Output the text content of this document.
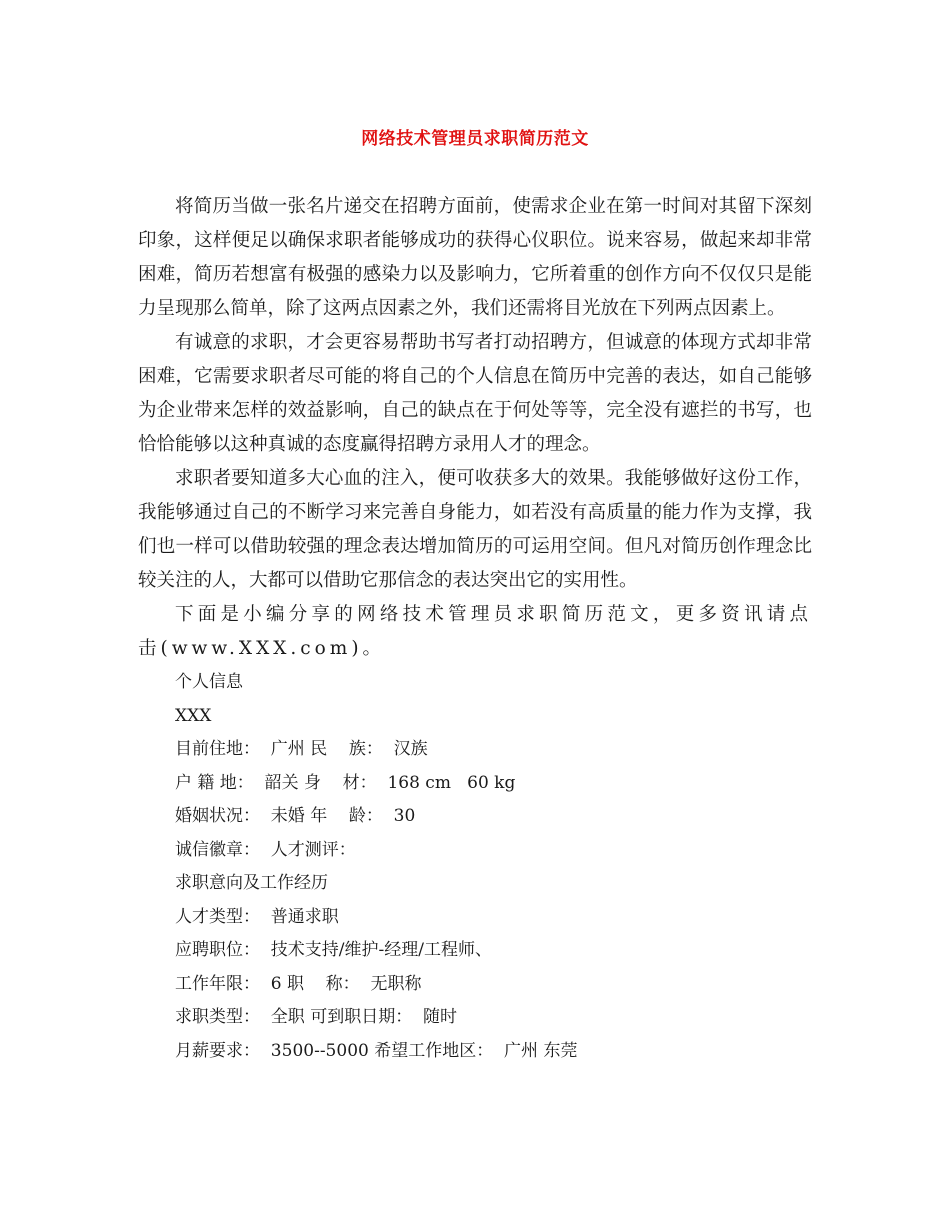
网络技术管理员求职简历范文

将简历当做一张名片递交在招聘方面前，使需求企业在第一时间对其留下深刻印象，这样便足以确保求职者能够成功的获得心仪职位。说来容易，做起来却非常困难，简历若想富有极强的感染力以及影响力，它所着重的创作方向不仅仅只是能力呈现那么简单，除了这两点因素之外，我们还需将目光放在下列两点因素上。

有诚意的求职，才会更容易帮助书写者打动招聘方，但诚意的体现方式却非常困难，它需要求职者尽可能的将自己的个人信息在简历中完善的表达，如自己能够为企业带来怎样的效益影响，自己的缺点在于何处等等，完全没有遮拦的书写，也恰恰能够以这种真诚的态度赢得招聘方录用人才的理念。

求职者要知道多大心血的注入，便可收获多大的效果。我能够做好这份工作，我能够通过自己的不断学习来完善自身能力，如若没有高质量的能力作为支撑，我们也一样可以借助较强的理念表达增加简历的可运用空间。但凡对简历创作理念比较关注的人，大都可以借助它那信念的表达突出它的实用性。

下面是小编分享的网络技术管理员求职简历范文，更多资讯请点击(www.XXX.com)。

个人信息

XXX

目前住地：  广州 民    族：  汉族

户 籍 地：  韶关 身    材：  168 cm   60 kg

婚姻状况：  未婚 年    龄：  30

诚信徽章：  人才测评：

求职意向及工作经历

人才类型：  普通求职

应聘职位：  技术支持/维护-经理/工程师、

工作年限：  6 职    称：  无职称

求职类型：  全职 可到职日期：  随时

月薪要求：  3500--5000 希望工作地区：  广州 东莞
